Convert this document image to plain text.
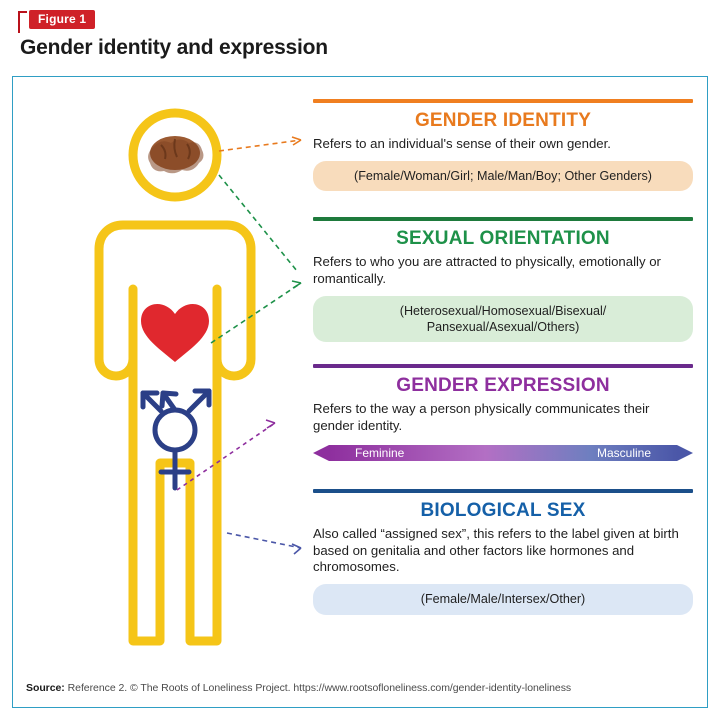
Figure 1
Gender identity and expression
GENDER IDENTITY
Refers to an individual's sense of their own gender.
(Female/Woman/Girl; Male/Man/Boy; Other Genders)
SEXUAL ORIENTATION
Refers to who you are attracted to physically, emotionally or romantically.
(Heterosexual/Homosexual/Bisexual/ Pansexual/Asexual/Others)
GENDER EXPRESSION
Refers to the way a person physically communicates their gender identity.
Feminine	Masculine
BIOLOGICAL SEX
Also called “assigned sex”, this refers to the label given at birth based on genitalia and other factors like hormones and chromosomes.
(Female/Male/Intersex/Other)
Source: Reference 2. © The Roots of Loneliness Project. https://www.rootsofloneliness.com/gender-identity-loneliness
